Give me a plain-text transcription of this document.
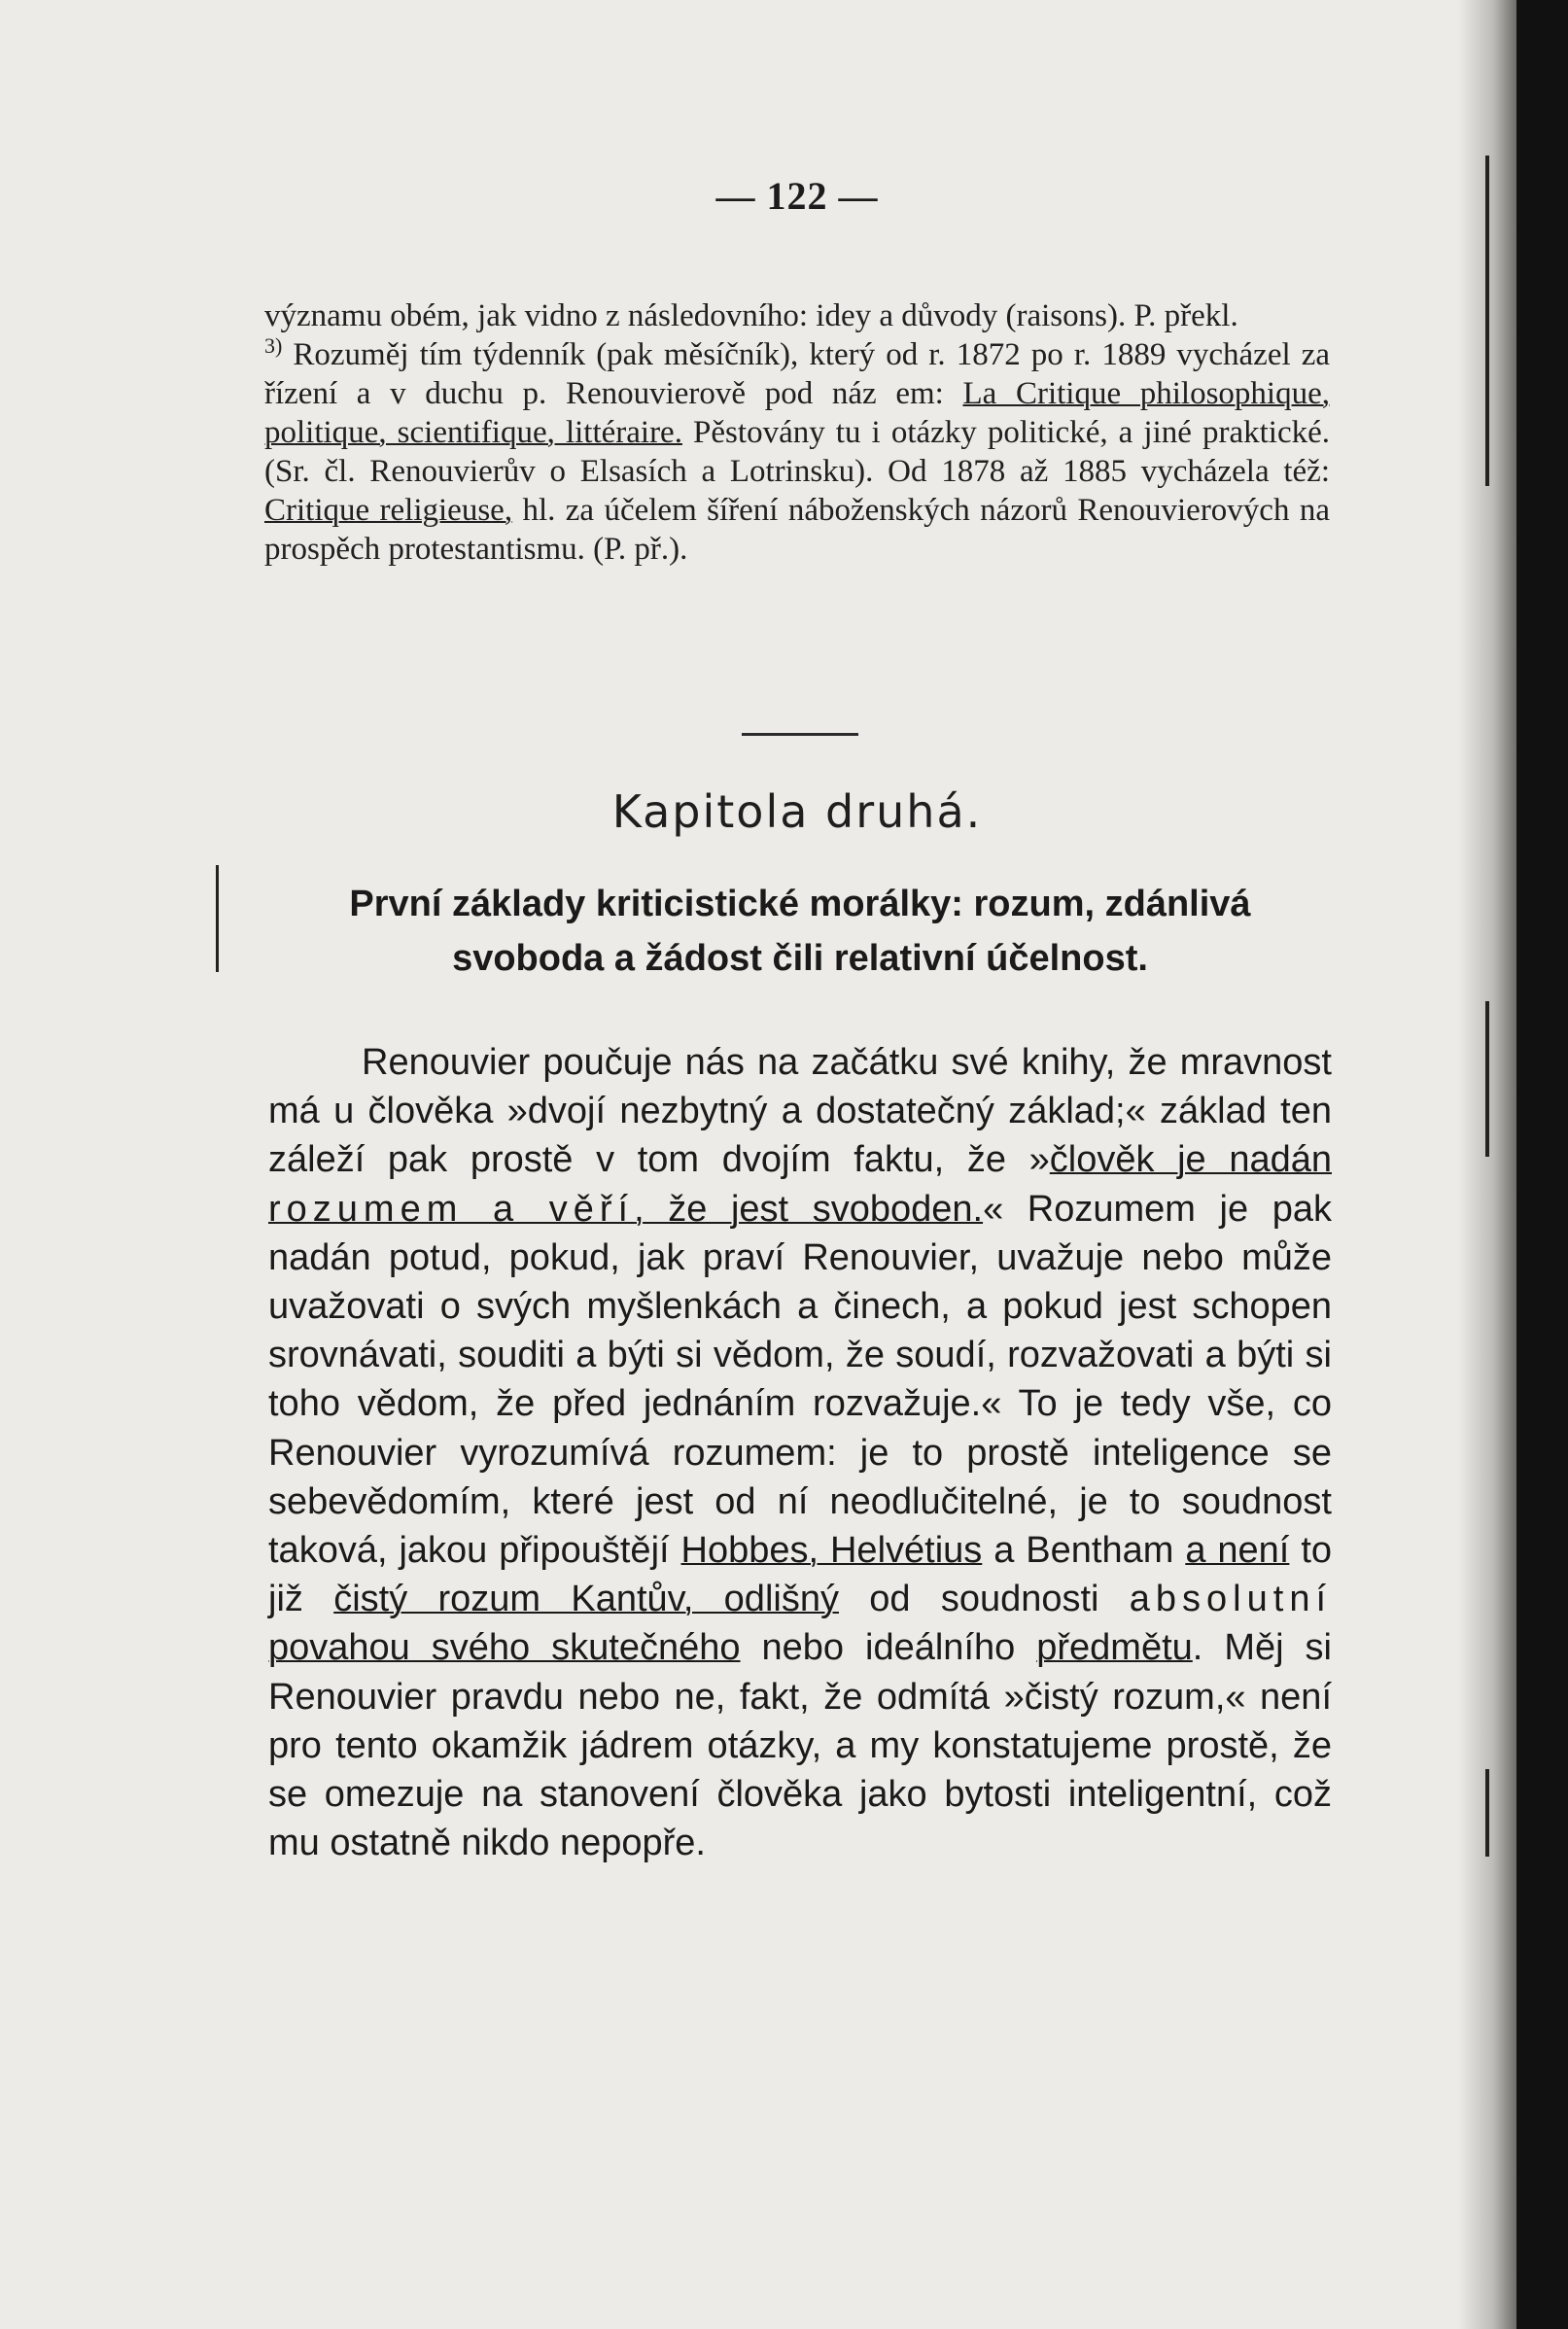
— 122 —

významu obém, jak vidno z následovního: idey a důvody (raisons). P. překl.

$^{3)}$ Rozuměj tím týdenník (pak měsíčník), který od r. 1872 po r. 1889 vycházel za řízení a v duchu p. Renouvierově pod náz em: La Critique philosophique, politique, scientifique, littéraire. Pěstovány tu i otázky politické, a jiné praktické. (Sr. čl. Renouvierův o Elsasích a Lotrinsku). Od 1878 až 1885 vycházela též: Critique religieuse, hl. za účelem šíření náboženských názorů Renouvierových na prospěch protestantismu. (P. př.).

Kapitola druhá.
První základy kriticistické morálky: rozum, zdánlivá svoboda a žádost čili relativní účelnost.

Renouvier poučuje nás na začátku své knihy, že mravnost má u člověka »dvojí nezbytný a dostatečný základ;« základ ten záleží pak prostě v tom dvojím faktu, že »člověk je nadán rozumem a věří, že jest svoboden.« Rozumem je pak nadán potud, pokud, jak praví Renouvier, uvažuje nebo může uvažovati o svých myšlenkách a činech, a pokud jest schopen srovnávati, souditi a býti si vědom, že soudí, rozvažovati a býti si toho vědom, že před jednáním rozvažuje.« To je tedy vše, co Renouvier vyrozumívá rozumem: je to prostě inteligence se sebevědomím, které jest od ní neodlučitelné, je to soudnost taková, jakou připouštějí Hobbes, Helvétius a Bentham a není to již čistý rozum Kantův, odlišný od soudnosti absolutní povahou svého skutečného nebo ideálního předmětu. Měj si Renouvier pravdu nebo ne, fakt, že odmítá »čistý rozum,« není pro tento okamžik jádrem otázky, a my konstatujeme prostě, že se omezuje na stanovení člověka jako bytosti inteligentní, což mu ostatně nikdo nepopře.
